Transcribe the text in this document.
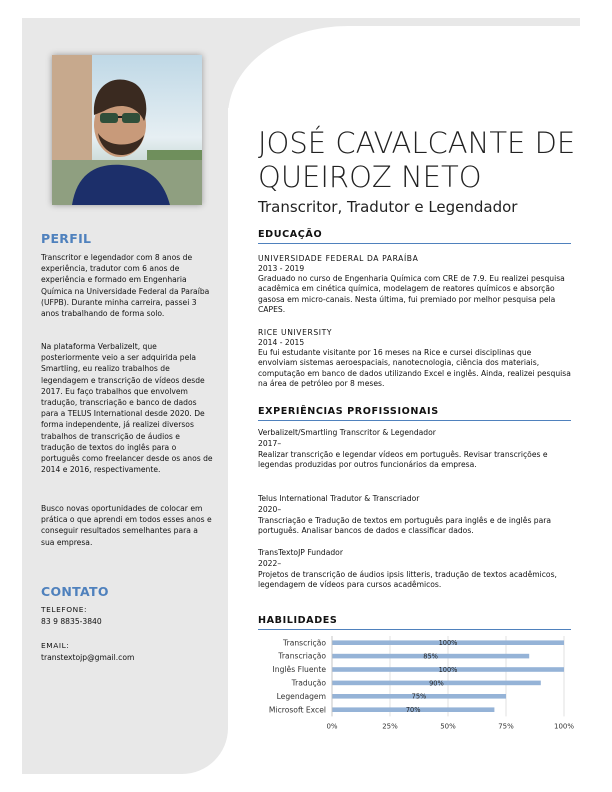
PERFIL
Transcritor e legendador com 8 anos de experiência, tradutor com 6 anos de experiência e formado em Engenharia Química na Universidade Federal da Paraíba (UFPB). Durante minha carreira, passei 3 anos trabalhando de forma solo.
Na plataforma VerbalizeIt, que posteriormente veio a ser adquirida pela Smartling, eu realizo trabalhos de legendagem e transcrição de vídeos desde 2017. Eu faço trabalhos que envolvem tradução, transcriação e banco de dados para a TELUS International desde 2020. De forma independente, já realizei diversos trabalhos de transcrição de áudios e tradução de textos do inglês para o português como freelancer desde os anos de 2014 e 2016, respectivamente.
Busco novas oportunidades de colocar em prática o que aprendi em todos esses anos e conseguir resultados semelhantes para a sua empresa.
CONTATO
TELEFONE:
83 9 8835-3840
EMAIL:
transtextojp@gmail.com
JOSÉ CAVALCANTE DE QUEIROZ NETO
Transcritor, Tradutor e Legendador
EDUCAÇÃO
UNIVERSIDADE FEDERAL DA PARAÍBA
2013 - 2019
Graduado no curso de Engenharia Química com CRE de 7.9. Eu realizei pesquisa acadêmica em cinética química, modelagem de reatores químicos e absorção gasosa em micro-canais. Nesta última, fui premiado por melhor pesquisa pela CAPES.
RICE UNIVERSITY
2014 - 2015
Eu fui estudante visitante por 16 meses na Rice e cursei disciplinas que envolviam sistemas aeroespaciais, nanotecnologia, ciência dos materiais, computação em banco de dados utilizando Excel e inglês. Ainda, realizei pesquisa na área de petróleo por 8 meses.
EXPERIÊNCIAS PROFISSIONAIS
VerbalizeIt/Smartling Transcritor & Legendador
2017–
Realizar transcrição e legendar vídeos em português. Revisar transcrições e legendas produzidas por outros funcionários da empresa.
Telus International Tradutor & Transcriador
2020–
Transcriação e Tradução de textos em português para inglês e de inglês para português. Analisar bancos de dados e classificar dados.
TransTextoJP Fundador
2022–
Projetos de transcrição de áudios ipsis litteris, tradução de textos acadêmicos, legendagem de vídeos para cursos acadêmicos.
HABILIDADES
0%	25%	50%	75%	100%
Transcrição	100%
Transcriação	85%
Inglês Fluente	100%
Tradução	90%
Legendagem	75%
Microsoft Excel	70%
